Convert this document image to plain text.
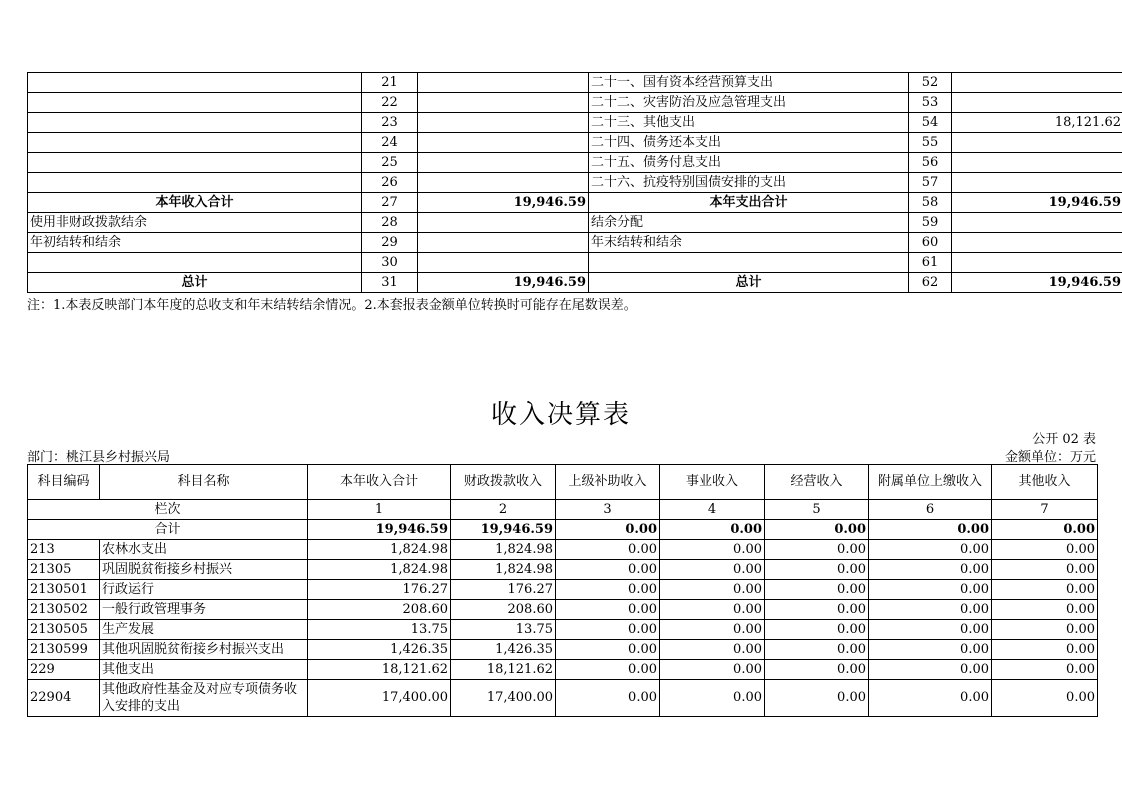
	21		二十一、国有资本经营预算支出	52	
	22		二十二、灾害防治及应急管理支出	53	
	23		二十三、其他支出	54	18,121.62
	24		二十四、债务还本支出	55	
	25		二十五、债务付息支出	56	
	26		二十六、抗疫特别国债安排的支出	57	
本年收入合计	27	19,946.59	本年支出合计	58	19,946.59
使用非财政拨款结余	28		结余分配	59	
年初结转和结余	29		年末结转和结余	60	
	30			61	
总计	31	19,946.59	总计	62	19,946.59
注：1.本表反映部门本年度的总收支和年末结转结余情况。2.本套报表金额单位转换时可能存在尾数误差。
收入决算表
公开 02 表
部门：桃江县乡村振兴局	金额单位：万元
科目编码	科目名称	本年收入合计	财政拨款收入	上级补助收入	事业收入	经营收入	附属单位上缴收入	其他收入
栏次		1	2	3	4	5	6	7
合计		19,946.59	19,946.59	0.00	0.00	0.00	0.00	0.00
213	农林水支出	1,824.98	1,824.98	0.00	0.00	0.00	0.00	0.00
21305	巩固脱贫衔接乡村振兴	1,824.98	1,824.98	0.00	0.00	0.00	0.00	0.00
2130501	行政运行	176.27	176.27	0.00	0.00	0.00	0.00	0.00
2130502	一般行政管理事务	208.60	208.60	0.00	0.00	0.00	0.00	0.00
2130505	生产发展	13.75	13.75	0.00	0.00	0.00	0.00	0.00
2130599	其他巩固脱贫衔接乡村振兴支出	1,426.35	1,426.35	0.00	0.00	0.00	0.00	0.00
229	其他支出	18,121.62	18,121.62	0.00	0.00	0.00	0.00	0.00
22904	其他政府性基金及对应专项债务收入安排的支出	17,400.00	17,400.00	0.00	0.00	0.00	0.00	0.00
